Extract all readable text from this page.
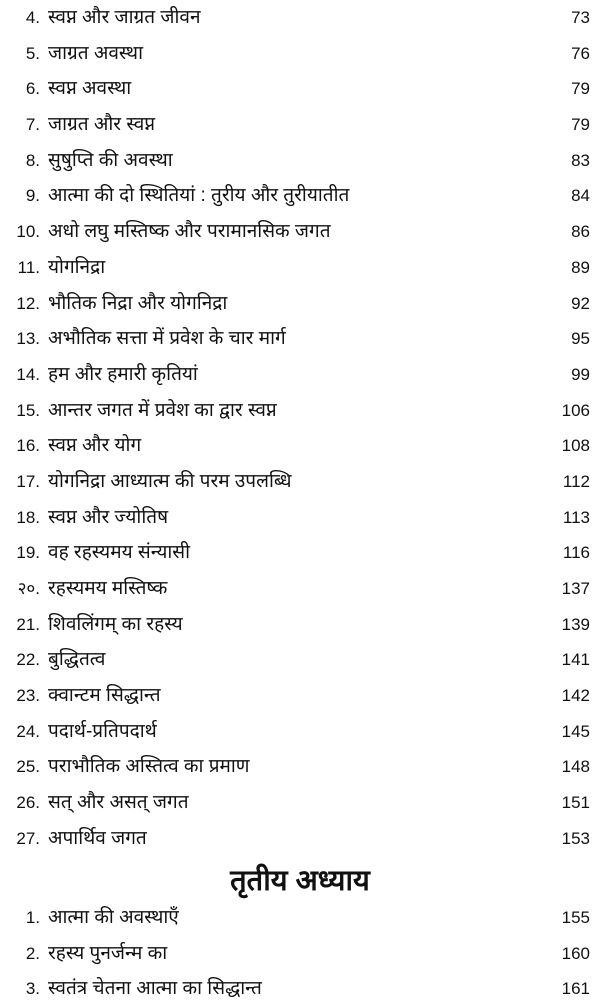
4. स्वप्न और जाग्रत जीवन	73
5. जाग्रत अवस्था	76
6. स्वप्न अवस्था	79
7. जाग्रत और स्वप्न	79
8. सुषुप्ति की अवस्था	83
9. आत्मा की दो स्थितियां : तुरीय और तुरीयातीत	84
10. अधो लघु मस्तिष्क और परामानसिक जगत	86
11. योगनिद्रा	89
12. भौतिक निद्रा और योगनिद्रा	92
13. अभौतिक सत्ता में प्रवेश के चार मार्ग	95
14. हम और हमारी कृतियां	99
15. आन्तर जगत में प्रवेश का द्वार स्वप्न	106
16. स्वप्न और योग	108
17. योगनिद्रा आध्यात्म की परम उपलब्धि	112
18. स्वप्न और ज्योतिष	113
19. वह रहस्यमय संन्यासी	116
२०. रहस्यमय मस्तिष्क	137
21. शिवलिंगम् का रहस्य	139
22. बुद्धितत्व	141
23. क्वान्टम सिद्धान्त	142
24. पदार्थ-प्रतिपदार्थ	145
25. पराभौतिक अस्तित्व का प्रमाण	148
26. सत् और असत् जगत	151
27. अपार्थिव जगत	153
तृतीय अध्याय
1. आत्मा की अवस्थाएँ	155
2. रहस्य पुनर्जन्म का	160
3. स्वतंत्र चेतना आत्मा का सिद्धान्त	161
